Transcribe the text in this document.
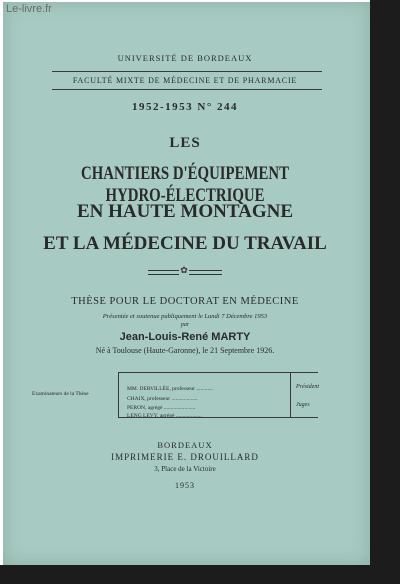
Le-livre.fr
UNIVERSITÉ DE BORDEAUX
FACULTÉ MIXTE DE MÉDECINE ET DE PHARMACIE
1952-1953 N° 244
LES
CHANTIERS D'ÉQUIPEMENT HYDRO-ÉLECTRIQUE
EN HAUTE MONTAGNE
ET LA MÉDECINE DU TRAVAIL
✿
THÈSE POUR LE DOCTORAT EN MÉDECINE
Présentée et soutenue publiquement le Lundi 7 Décembre 1953
par
Jean-Louis-René MARTY
Né à Toulouse (Haute-Garonne), le 21 Septembre 1926.
Examinateurs de la Thèse
MM. DERVILLÉE, professeur ............
CHAIX, professeur ...................
PERON, agrégé .......................
LENG LEVY, agrégé ...................
Président
Juges
BORDEAUX
IMPRIMERIE E. DROUILLARD
3, Place de la Victoire
1953
